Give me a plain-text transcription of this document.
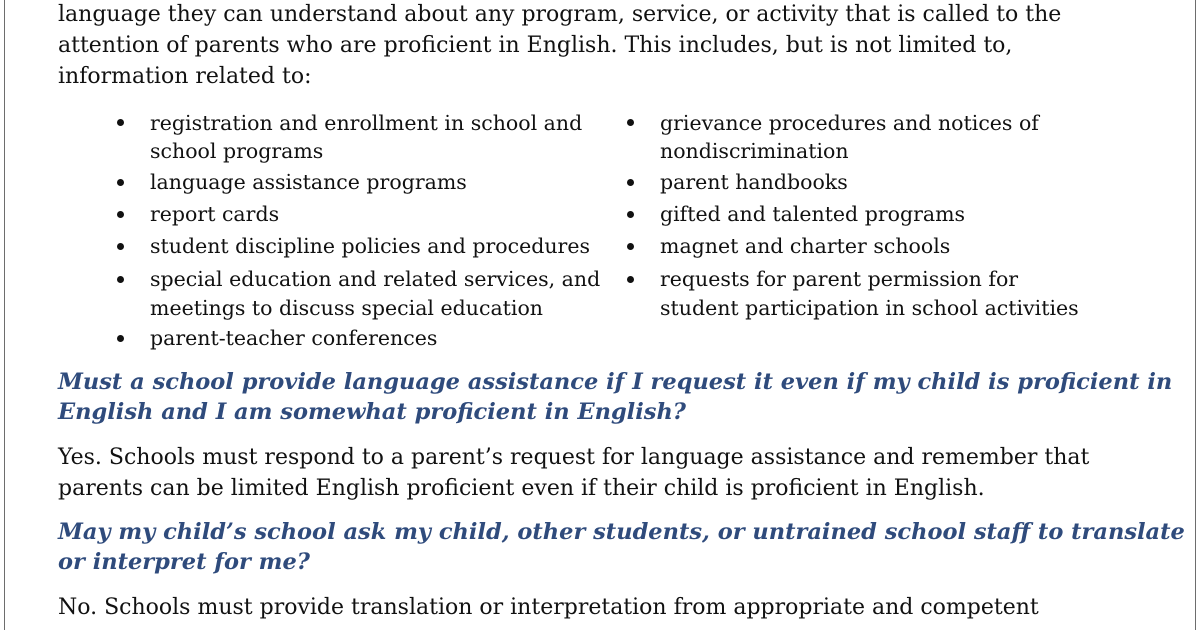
language they can understand about any program, service, or activity that is called to the

attention of parents who are proficient in English. This includes, but is not limited to,

information related to:

registration and enrollment in school and
school programs
language assistance programs
report cards
student discipline policies and procedures
special education and related services, and
meetings to discuss special education
parent-teacher conferences
grievance procedures and notices of
nondiscrimination
parent handbooks
gifted and talented programs
magnet and charter schools
requests for parent permission for
student participation in school activities

Must a school provide language assistance if I request it even if my child is proficient in

English and I am somewhat proficient in English?

Yes. Schools must respond to a parent’s request for language assistance and remember that

parents can be limited English proficient even if their child is proficient in English.

May my child’s school ask my child, other students, or untrained school staff to translate

or interpret for me?

No. Schools must provide translation or interpretation from appropriate and competent
